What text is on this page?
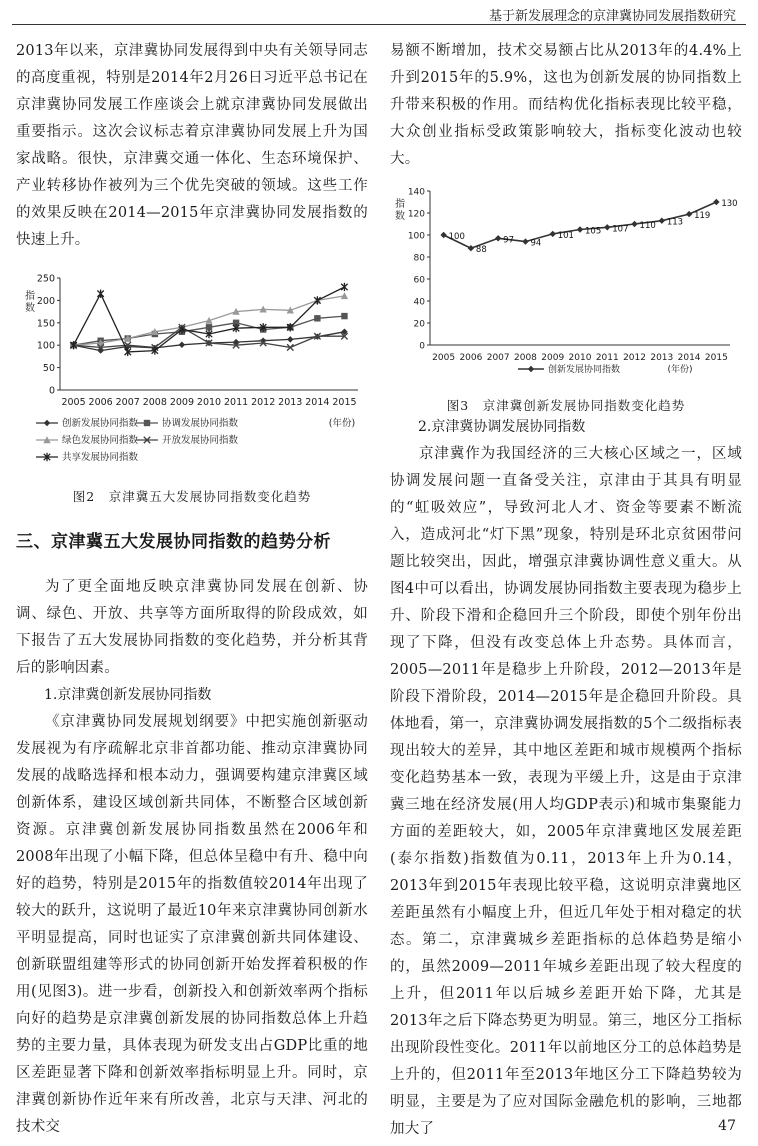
基于新发展理念的京津冀协同发展指数研究

2013年以来，京津冀协同发展得到中央有关领导同志的高度重视，特别是2014年2月26日习近平总书记在京津冀协同发展工作座谈会上就京津冀协同发展做出重要指示。这次会议标志着京津冀协同发展上升为国家战略。很快，京津冀交通一体化、生态环境保护、产业转移协作被列为三个优先突破的领域。这些工作的效果反映在2014—2015年京津冀协同发展指数的快速上升。

0
50
100
150
200
250
2005 2006 2007 2008 2009 2010 2011 2012 2013 2014 2015
指
数
(年份)
创新发展协同指数	协调发展协同指数
绿色发展协同指数	开放发展协同指数
共享发展协同指数

图2　京津冀五大发展协同指数变化趋势

三、京津冀五大发展协同指数的趋势分析

为了更全面地反映京津冀协同发展在创新、协调、绿色、开放、共享等方面所取得的阶段成效，如下报告了五大发展协同指数的变化趋势，并分析其背后的影响因素。

1.京津冀创新发展协同指数

《京津冀协同发展规划纲要》中把实施创新驱动发展视为有序疏解北京非首都功能、推动京津冀协同发展的战略选择和根本动力，强调要构建京津冀区域创新体系，建设区域创新共同体，不断整合区域创新资源。京津冀创新发展协同指数虽然在2006年和2008年出现了小幅下降，但总体呈稳中有升、稳中向好的趋势，特别是2015年的指数值较2014年出现了较大的跃升，这说明了最近10年来京津冀协同创新水平明显提高，同时也证实了京津冀创新共同体建设、创新联盟组建等形式的协同创新开始发挥着积极的作用(见图3)。进一步看，创新投入和创新效率两个指标向好的趋势是京津冀创新发展的协同指数总体上升趋势的主要力量，具体表现为研发支出占GDP比重的地区差距显著下降和创新效率指标明显上升。同时，京津冀创新协作近年来有所改善，北京与天津、河北的技术交

易额不断增加，技术交易额占比从2013年的4.4%上升到2015年的5.9%，这也为创新发展的协同指数上升带来积极的作用。而结构优化指标表现比较平稳，大众创业指标受政策影响较大，指标变化波动也较大。

0
20
40
60
80
100
120
140
2005 2006 2007 2008 2009 2010 2011 2012 2013 2014 2015
指
数
100
88
97 94
101 105 107 110 113
119
130
创新发展协同指数	(年份)

图3　京津冀创新发展协同指数变化趋势

2.京津冀协调发展协同指数

京津冀作为我国经济的三大核心区域之一，区域协调发展问题一直备受关注，京津由于其具有明显的“虹吸效应”，导致河北人才、资金等要素不断流入，造成河北“灯下黑”现象，特别是环北京贫困带问题比较突出，因此，增强京津冀协调性意义重大。从图4中可以看出，协调发展协同指数主要表现为稳步上升、阶段下滑和企稳回升三个阶段，即使个别年份出现了下降，但没有改变总体上升态势。具体而言，2005—2011年是稳步上升阶段，2012—2013年是阶段下滑阶段，2014—2015年是企稳回升阶段。具体地看，第一，京津冀协调发展指数的5个二级指标表现出较大的差异，其中地区差距和城市规模两个指标变化趋势基本一致，表现为平缓上升，这是由于京津冀三地在经济发展(用人均GDP表示)和城市集聚能力方面的差距较大，如，2005年京津冀地区发展差距(泰尔指数)指数值为0.11，2013年上升为0.14，2013年到2015年表现比较平稳，这说明京津冀地区差距虽然有小幅度上升，但近几年处于相对稳定的状态。第二，京津冀城乡差距指标的总体趋势是缩小的，虽然2009—2011年城乡差距出现了较大程度的上升，但2011年以后城乡差距开始下降，尤其是2013年之后下降态势更为明显。第三，地区分工指标出现阶段性变化。2011年以前地区分工的总体趋势是上升的，但2011年至2013年地区分工下降趋势较为明显，主要是为了应对国际金融危机的影响，三地都加大了	47
